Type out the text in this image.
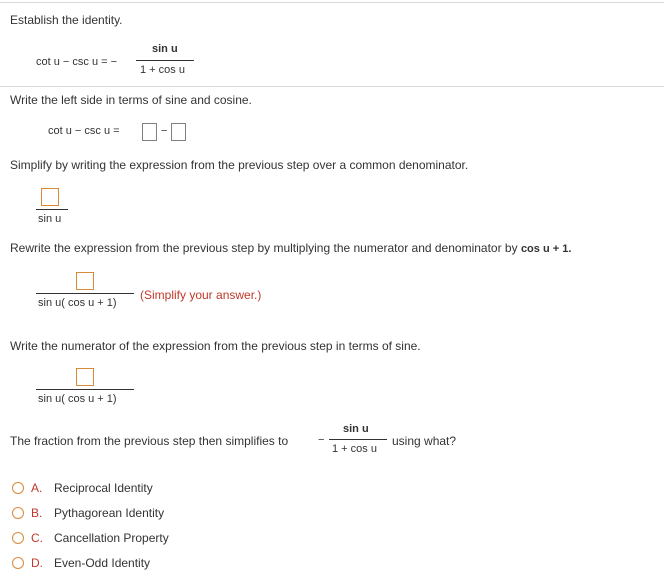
Establish the identity.
cot u − csc u = −
sin u
1 + cos u
Write the left side in terms of sine and cosine.
cot u − csc u =	−
Simplify by writing the expression from the previous step over a common denominator.
sin u
Rewrite the expression from the previous step by multiplying the numerator and denominator by cos u + 1.
sin u( cos u + 1)
(Simplify your answer.)
Write the numerator of the expression from the previous step in terms of sine.
sin u( cos u + 1)
The fraction from the previous step then simplifies to	−
sin u
1 + cos u
using what?
A. Reciprocal Identity
B. Pythagorean Identity
C. Cancellation Property
D. Even-Odd Identity
